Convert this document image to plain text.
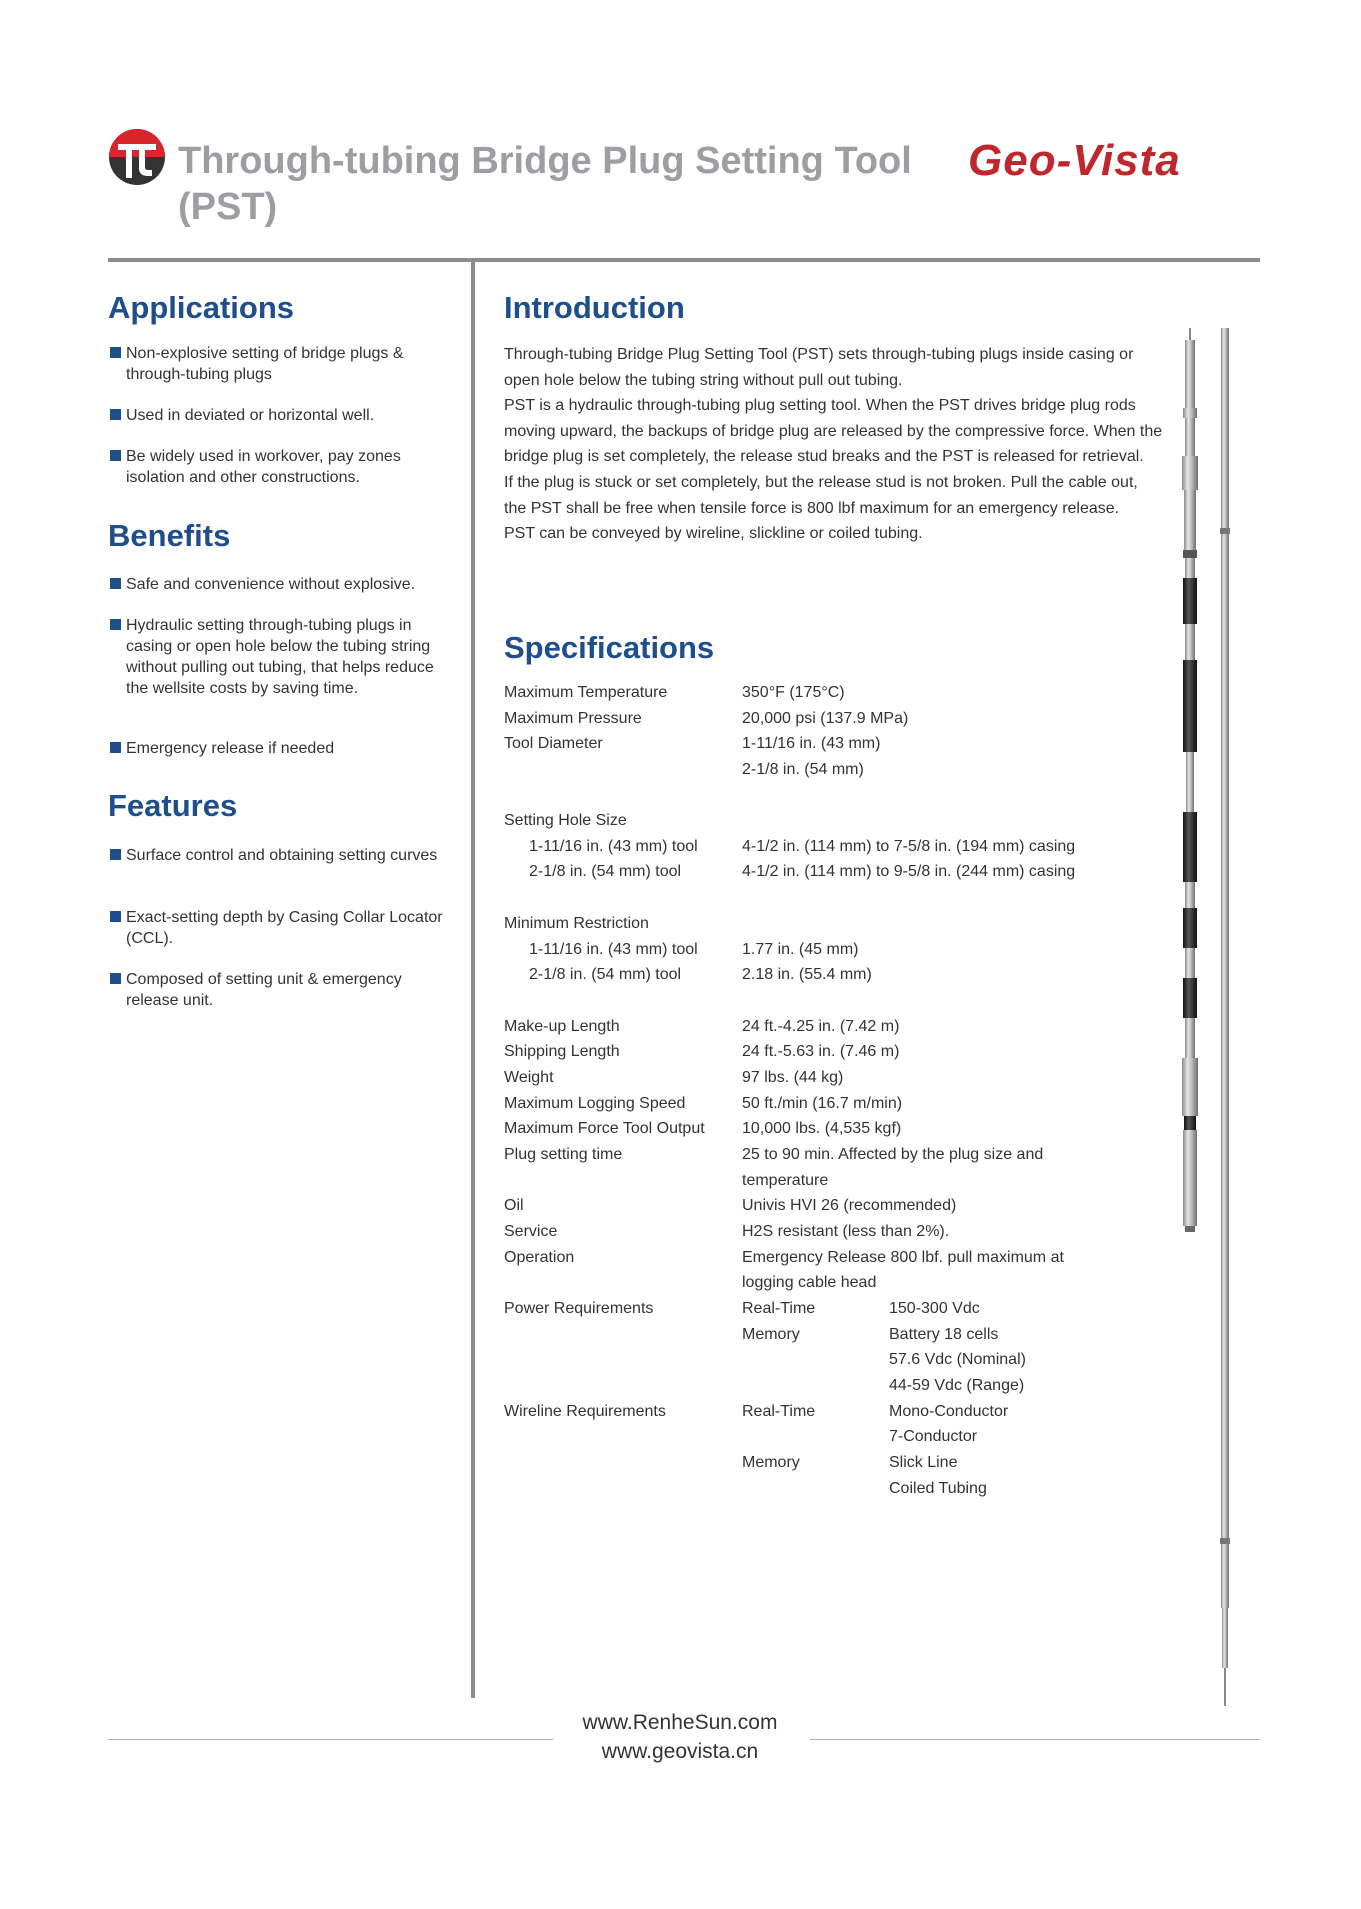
Through-tubing Bridge Plug Setting Tool (PST)
Geo-Vista
Applications
Non-explosive setting of bridge plugs & through-tubing plugs
Used in deviated or horizontal well.
Be widely used in workover, pay zones isolation and other constructions.
Benefits
Safe and convenience without explosive.
Hydraulic setting through-tubing plugs in casing or open hole below the tubing string without pulling out tubing, that helps reduce the wellsite costs by saving time.
Emergency release if needed
Features
Surface control and obtaining setting curves
Exact-setting depth by Casing Collar Locator (CCL).
Composed of setting unit & emergency release unit.
Introduction

Through-tubing Bridge Plug Setting Tool (PST) sets through-tubing plugs inside casing or open hole below the tubing string without pull out tubing.

PST is a hydraulic through-tubing plug setting tool. When the PST drives bridge plug rods moving upward, the backups of bridge plug are released by the compressive force. When the bridge plug is set completely, the release stud breaks and the PST is released for retrieval.

If the plug is stuck or set completely, but the release stud is not broken. Pull the cable out, the PST shall be free when tensile force is 800 lbf maximum for an emergency release.

PST can be conveyed by wireline, slickline or coiled tubing.

Specifications
Maximum Temperature	350°F (175°C)
Maximum Pressure	20,000 psi (137.9 MPa)
Tool Diameter	1-11/16 in. (43 mm)
2-1/8 in. (54 mm)
Setting Hole Size
1-11/16 in. (43 mm) tool	4-1/2 in. (114 mm) to 7-5/8 in. (194 mm) casing
2-1/8 in. (54 mm) tool	4-1/2 in. (114 mm) to 9-5/8 in. (244 mm) casing
Minimum Restriction
1-11/16 in. (43 mm) tool	1.77 in. (45 mm)
2-1/8 in. (54 mm) tool	2.18 in. (55.4 mm)
Make-up Length	24 ft.-4.25 in. (7.42 m)
Shipping Length	24 ft.-5.63 in. (7.46 m)
Weight	97 lbs. (44 kg)
Maximum Logging Speed	50 ft./min (16.7 m/min)
Maximum Force Tool Output 10,000 lbs. (4,535 kgf)
Plug setting time	25 to 90 min. Affected by the plug size and
temperature
Oil	Univis HVI 26 (recommended)
Service	H2S resistant (less than 2%).
Operation	Emergency Release 800 lbf. pull maximum at
logging cable head
Power Requirements	Real-Time	150-300 Vdc
Memory	Battery 18 cells
57.6 Vdc (Nominal)
44-59 Vdc (Range)
Wireline Requirements	Real-Time	Mono-Conductor
7-Conductor
Memory	Slick Line
Coiled Tubing
www.RenheSun.com
www.geovista.cn
